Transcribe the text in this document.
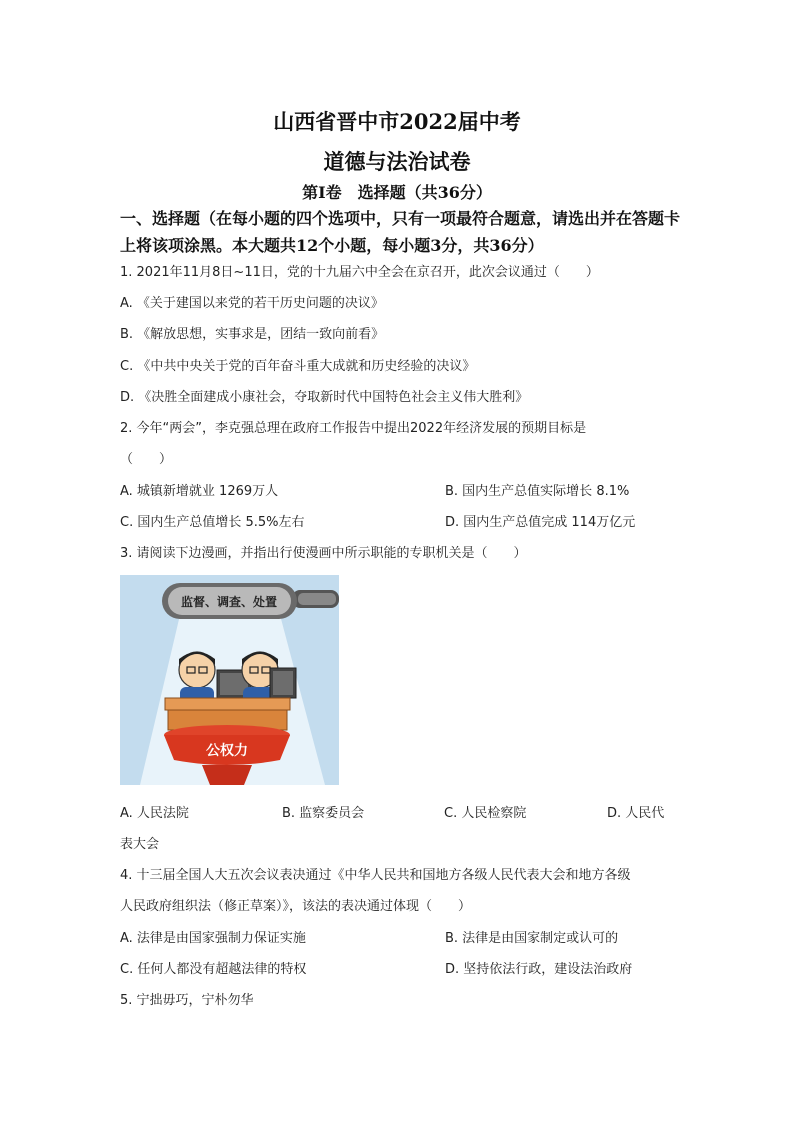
山西省晋中市2022届中考
道德与法治试卷
第Ⅰ卷　选择题（共36分）
一、选择题（在每小题的四个选项中，只有一项最符合题意，请选出并在答题卡上将该项涂黑。本大题共12个小题，每小题3分，共36分）
1. 2021年11月8日~11日，党的十九届六中全会在京召开，此次会议通过（　　）
A. 《关于建国以来党的若干历史问题的决议》
B. 《解放思想，实事求是，团结一致向前看》
C. 《中共中央关于党的百年奋斗重大成就和历史经验的决议》
D. 《决胜全面建成小康社会，夺取新时代中国特色社会主义伟大胜利》
2. 今年“两会”，李克强总理在政府工作报告中提出2022年经济发展的预期目标是
（　　）
A. 城镇新增就业 1269万人	B. 国内生产总值实际增长 8.1%
C. 国内生产总值增长 5.5%左右	D. 国内生产总值完成 114万亿元
3. 请阅读下边漫画，并指出行使漫画中所示职能的专职机关是（　　）
监督、调查、处置
公权力
A. 人民法院	B. 监察委员会	C. 人民检察院	D. 人民代
表大会
4. 十三届全国人大五次会议表决通过《中华人民共和国地方各级人民代表大会和地方各级
人民政府组织法（修正草案）》，该法的表决通过体现（　　）
A. 法律是由国家强制力保证实施	B. 法律是由国家制定或认可的
C. 任何人都没有超越法律的特权	D. 坚持依法行政，建设法治政府
5. 宁拙毋巧，宁朴勿华
